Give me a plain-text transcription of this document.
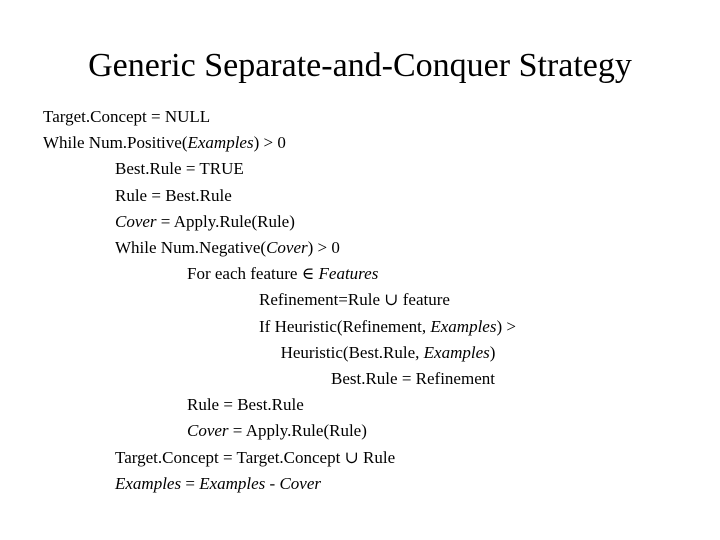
Generic Separate-and-Conquer Strategy
Target.Concept = NULL
While Num.Positive(Examples) > 0
Best.Rule = TRUE
Rule = Best.Rule
Cover = Apply.Rule(Rule)
While Num.Negative(Cover) > 0
For each feature ∈ Features
Refinement=Rule ∪ feature
If Heuristic(Refinement, Examples) >
Heuristic(Best.Rule, Examples)
Best.Rule = Refinement
Rule = Best.Rule
Cover = Apply.Rule(Rule)
Target.Concept = Target.Concept ∪ Rule
Examples = Examples - Cover
